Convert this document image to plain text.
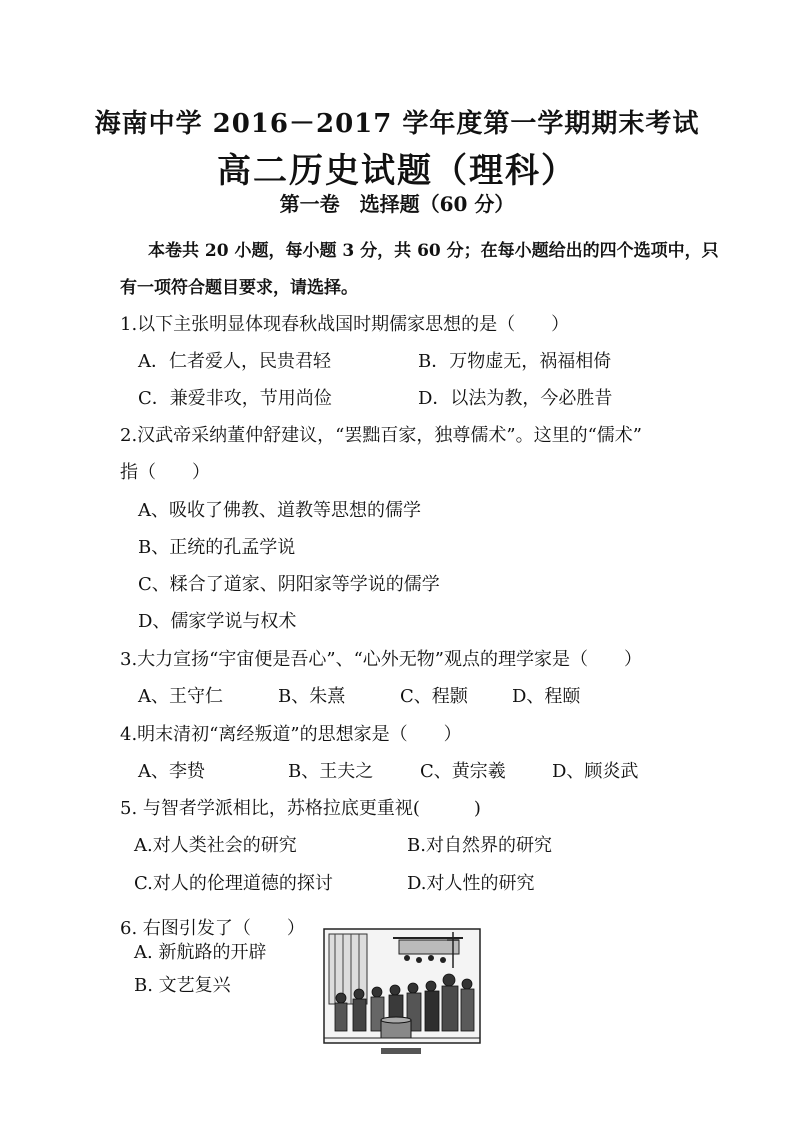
海南中学 2016－2017 学年度第一学期期末考试
高二历史试题（理科）
第一卷　选择题（60 分）
本卷共 20 小题，每小题 3 分，共 60 分；在每小题给出的四个选项中，只
有一项符合题目要求，请选择。
1.以下主张明显体现春秋战国时期儒家思想的是（　　）
A．仁者爱人，民贵君轻	B．万物虚无，祸福相倚
C．兼爱非攻，节用尚俭	D．以法为教，今必胜昔
2.汉武帝采纳董仲舒建议，“罢黜百家，独尊儒术”。这里的“儒术”
指（　　）
A、吸收了佛教、道教等思想的儒学
B、正统的孔孟学说
C、糅合了道家、阴阳家等学说的儒学
D、儒家学说与权术
3.大力宣扬“宇宙便是吾心”、“心外无物”观点的理学家是（　　）
A、王守仁	B、朱熹	C、程颢 D、程颐
4.明末清初“离经叛道”的思想家是（　　）
A、李贽	B、王夫之	C、黄宗羲	D、顾炎武
5. 与智者学派相比，苏格拉底更重视(　　　)
A.对人类社会的研究	B.对自然界的研究
C.对人的伦理道德的探讨	D.对人性的研究
6. 右图引发了（　　）
A. 新航路的开辟
B. 文艺复兴
